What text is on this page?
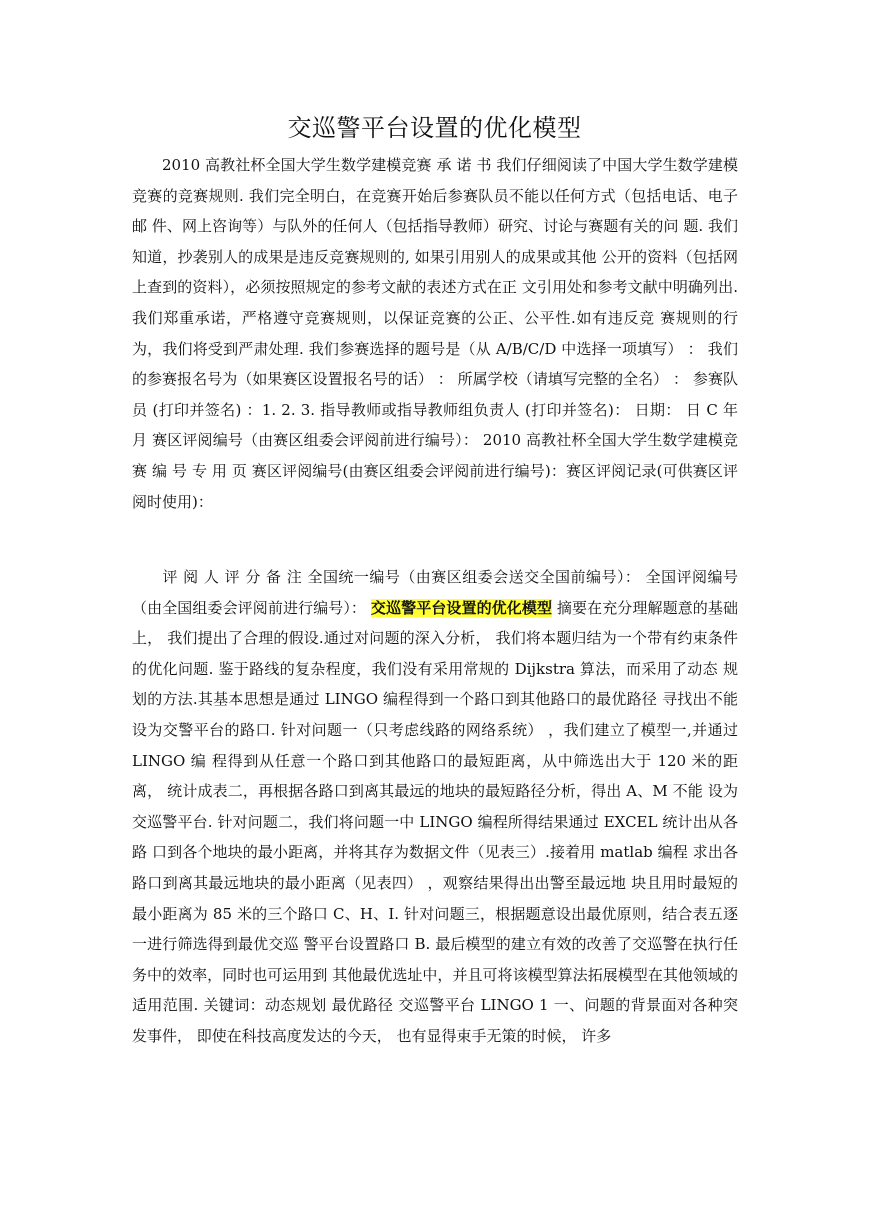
交巡警平台设置的优化模型
2010 高教社杯全国大学生数学建模竞赛 承 诺 书 我们仔细阅读了中国大学生数学建模竞赛的竞赛规则. 我们完全明白，在竞赛开始后参赛队员不能以任何方式（包括电话、电子邮 件、网上咨询等）与队外的任何人（包括指导教师）研究、讨论与赛题有关的问 题. 我们知道，抄袭别人的成果是违反竞赛规则的, 如果引用别人的成果或其他 公开的资料（包括网上查到的资料），必须按照规定的参考文献的表述方式在正 文引用处和参考文献中明确列出. 我们郑重承诺，严格遵守竞赛规则，以保证竞赛的公正、公平性.如有违反竞 赛规则的行为，我们将受到严肃处理. 我们参赛选择的题号是（从 A/B/C/D 中选择一项填写） ： 我们的参赛报名号为（如果赛区设置报名号的话） ： 所属学校（请填写完整的全名） ： 参赛队员 (打印并签名) ：1. 2. 3. 指导教师或指导教师组负责人 (打印并签名)： 日期： 日 C 年 月 赛区评阅编号（由赛区组委会评阅前进行编号）： 2010 高教社杯全国大学生数学建模竞赛 编 号 专 用 页 赛区评阅编号(由赛区组委会评阅前进行编号)：赛区评阅记录(可供赛区评阅时使用)：
评 阅 人 评 分 备 注 全国统一编号（由赛区组委会送交全国前编号）： 全国评阅编号（由全国组委会评阅前进行编号）： 交巡警平台设置的优化模型 摘要在充分理解题意的基础上， 我们提出了合理的假设.通过对问题的深入分析， 我们将本题归结为一个带有约束条件的优化问题. 鉴于路线的复杂程度，我们没有采用常规的 Dijkstra 算法，而采用了动态 规划的方法.其基本思想是通过 LINGO 编程得到一个路口到其他路口的最优路径 寻找出不能设为交警平台的路口. 针对问题一（只考虑线路的网络系统） ，我们建立了模型一,并通过 LINGO 编 程得到从任意一个路口到其他路口的最短距离，从中筛选出大于 120 米的距离， 统计成表二，再根据各路口到离其最远的地块的最短路径分析，得出 A、M 不能 设为交巡警平台. 针对问题二，我们将问题一中 LINGO 编程所得结果通过 EXCEL 统计出从各路 口到各个地块的最小距离，并将其存为数据文件（见表三）.接着用 matlab 编程 求出各路口到离其最远地块的最小距离（见表四） ，观察结果得出出警至最远地 块且用时最短的最小距离为 85 米的三个路口 C、H、I. 针对问题三，根据题意设出最优原则，结合表五逐一进行筛选得到最优交巡 警平台设置路口 B. 最后模型的建立有效的改善了交巡警在执行任务中的效率，同时也可运用到 其他最优选址中，并且可将该模型算法拓展模型在其他领域的适用范围. 关键词：动态规划 最优路径 交巡警平台 LINGO 1 一、问题的背景面对各种突发事件， 即使在科技高度发达的今天， 也有显得束手无策的时候， 许多
